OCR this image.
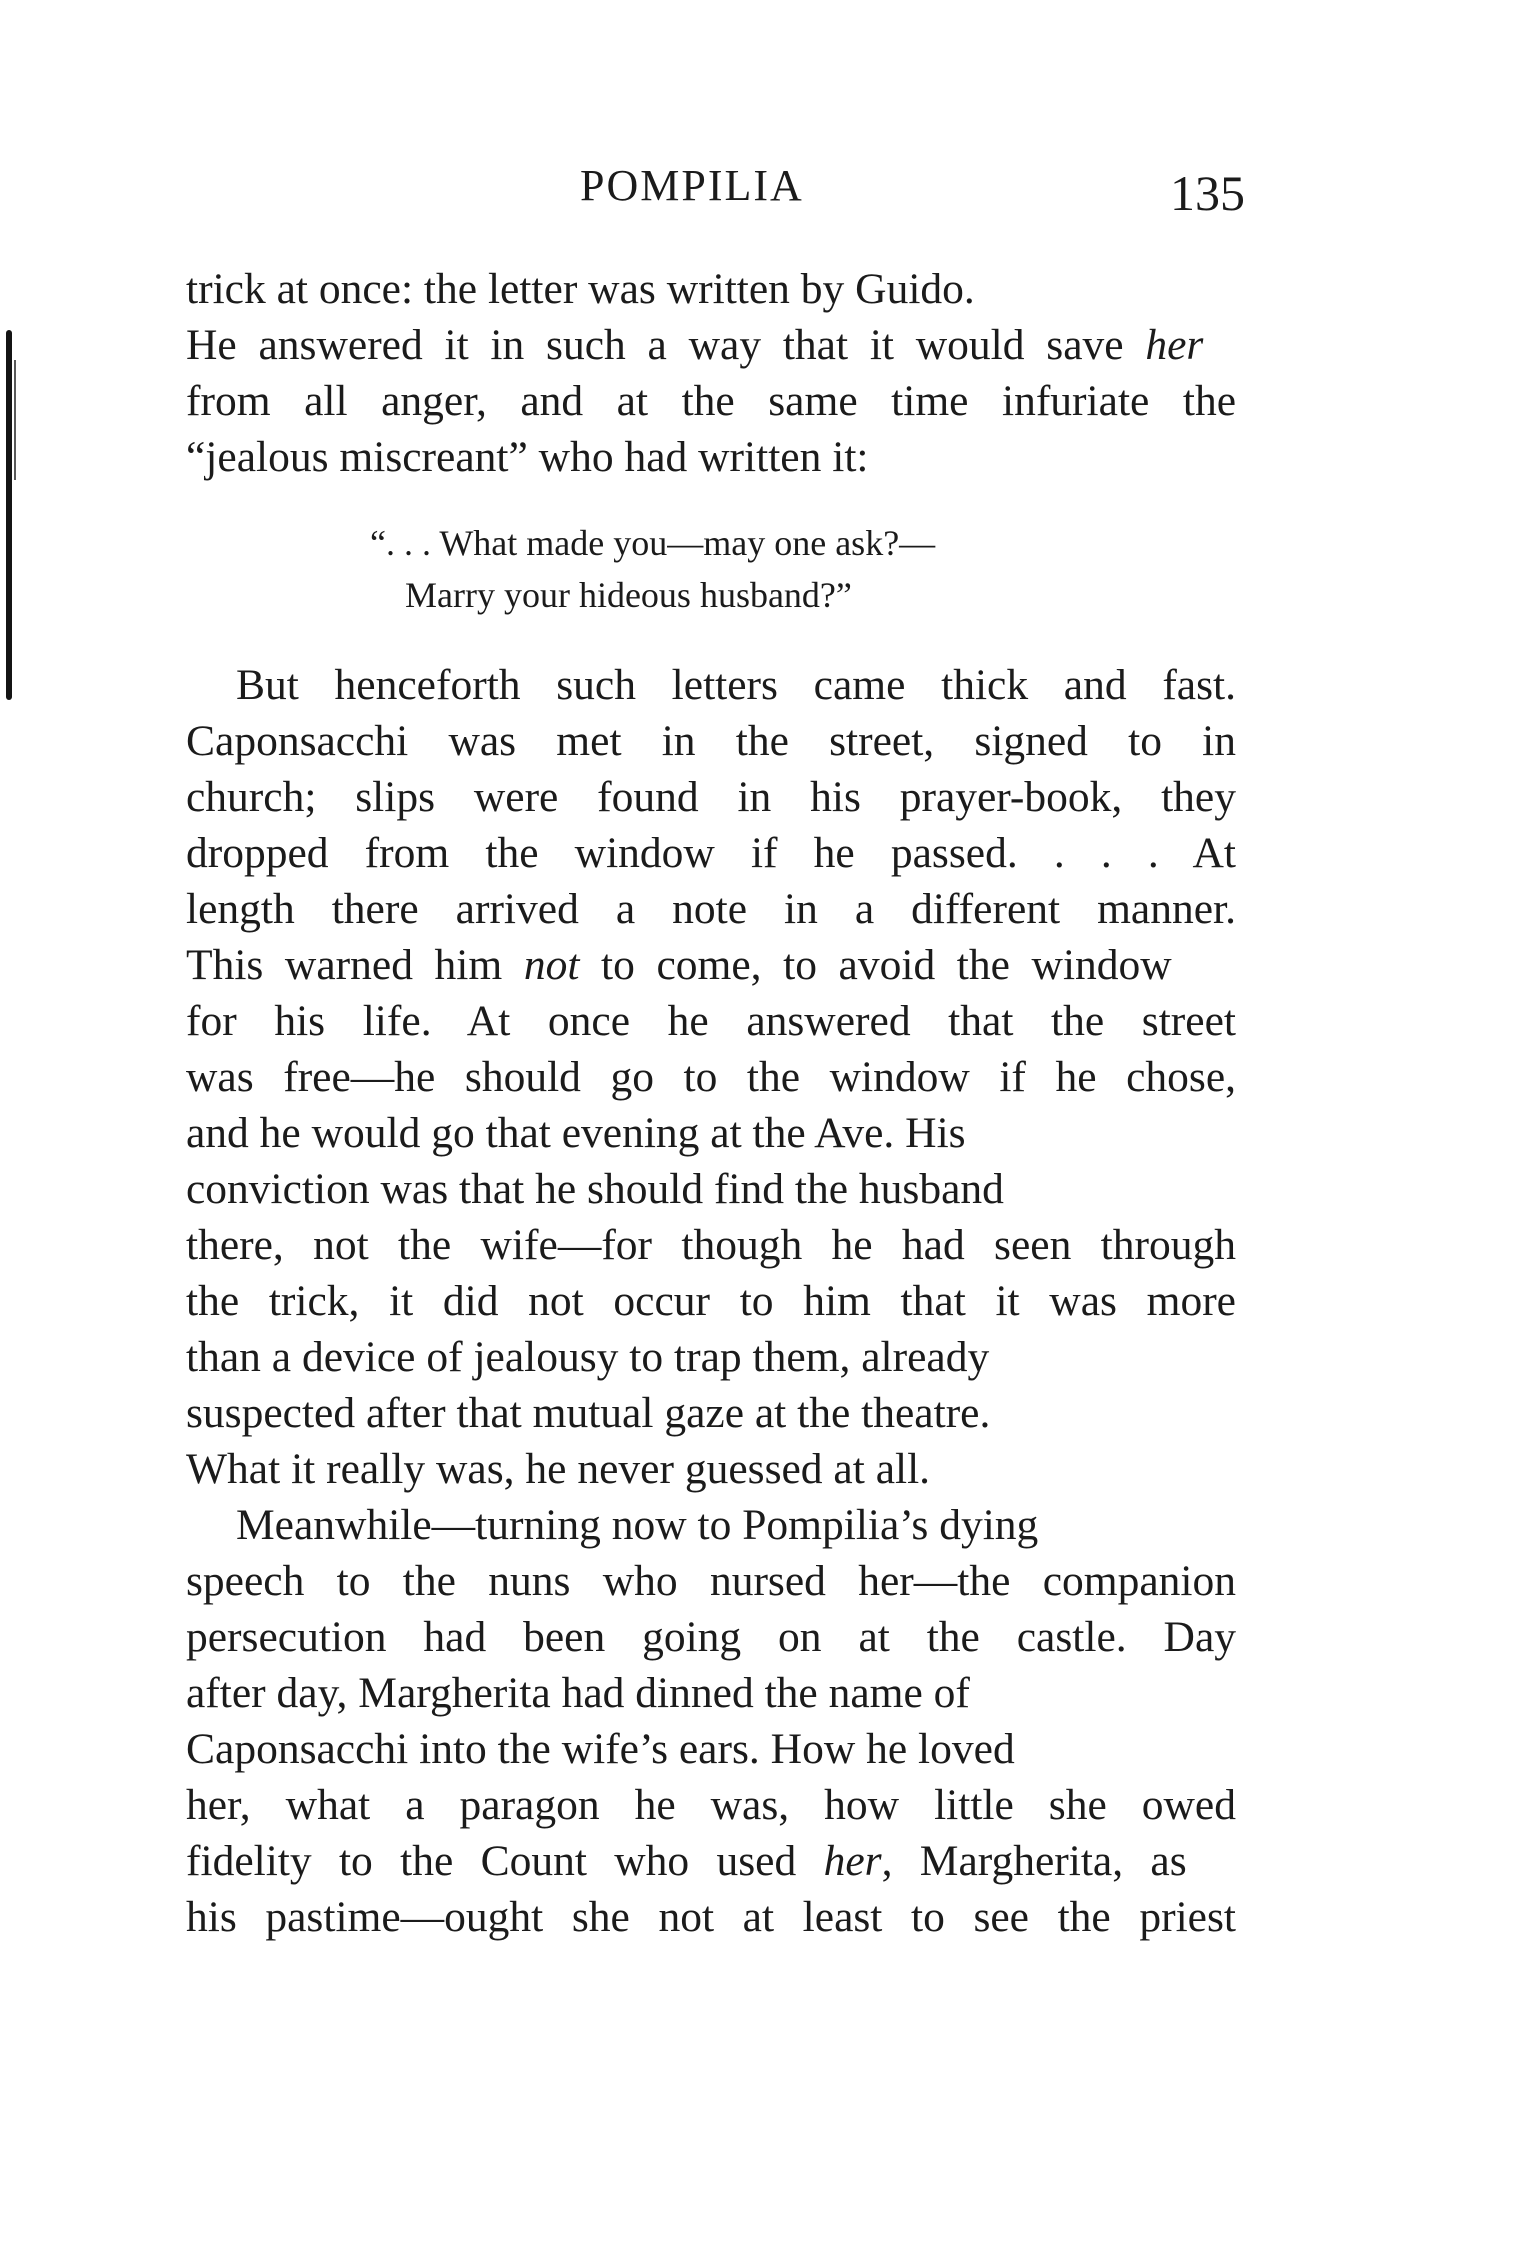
POMPILIA	135
trick at once: the letter was written by Guido.
He answered it in such a way that it would save her
from all anger, and at the same time infuriate the
“jealous miscreant” who had written it:
“. . . What made you—may one ask?—
Marry your hideous husband?”
But henceforth such letters came thick and fast.
Caponsacchi was met in the street, signed to in
church; slips were found in his prayer-book, they
dropped from the window if he passed. . . . At
length there arrived a note in a different manner.
This warned him not to come, to avoid the window
for his life. At once he answered that the street
was free—he should go to the window if he chose,
and he would go that evening at the Ave. His
conviction was that he should find the husband
there, not the wife—for though he had seen through
the trick, it did not occur to him that it was more
than a device of jealousy to trap them, already
suspected after that mutual gaze at the theatre.
What it really was, he never guessed at all.
Meanwhile—turning now to Pompilia’s dying
speech to the nuns who nursed her—the companion
persecution had been going on at the castle. Day
after day, Margherita had dinned the name of
Caponsacchi into the wife’s ears. How he loved
her, what a paragon he was, how little she owed
fidelity to the Count who used her, Margherita, as
his pastime—ought she not at least to see the priest
